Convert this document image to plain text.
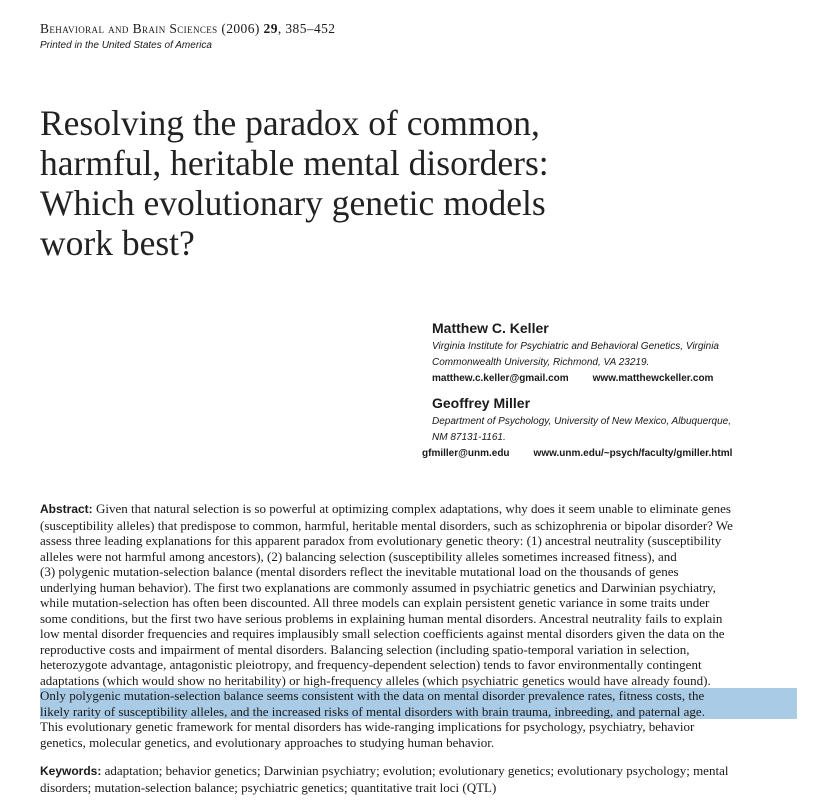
Behavioral and Brain Sciences (2006) 29, 385–452
Printed in the United States of America
Resolving the paradox of common,
harmful, heritable mental disorders:
Which evolutionary genetic models
work best?
Matthew C. Keller
Virginia Institute for Psychiatric and Behavioral Genetics, Virginia
Commonwealth University, Richmond, VA 23219.
matthew.c.keller@gmail.com www.matthewckeller.com
Geoffrey Miller
Department of Psychology, University of New Mexico, Albuquerque,
NM 87131-1161.
gfmiller@unm.edu www.unm.edu/~psych/faculty/gmiller.html
Abstract: Given that natural selection is so powerful at optimizing complex adaptations, why does it seem unable to eliminate genes
(susceptibility alleles) that predispose to common, harmful, heritable mental disorders, such as schizophrenia or bipolar disorder? We
assess three leading explanations for this apparent paradox from evolutionary genetic theory: (1) ancestral neutrality (susceptibility
alleles were not harmful among ancestors), (2) balancing selection (susceptibility alleles sometimes increased fitness), and
(3) polygenic mutation-selection balance (mental disorders reflect the inevitable mutational load on the thousands of genes
underlying human behavior). The first two explanations are commonly assumed in psychiatric genetics and Darwinian psychiatry,
while mutation-selection has often been discounted. All three models can explain persistent genetic variance in some traits under
some conditions, but the first two have serious problems in explaining human mental disorders. Ancestral neutrality fails to explain
low mental disorder frequencies and requires implausibly small selection coefficients against mental disorders given the data on the
reproductive costs and impairment of mental disorders. Balancing selection (including spatio-temporal variation in selection,
heterozygote advantage, antagonistic pleiotropy, and frequency-dependent selection) tends to favor environmentally contingent
adaptations (which would show no heritability) or high-frequency alleles (which psychiatric genetics would have already found).
Only polygenic mutation-selection balance seems consistent with the data on mental disorder prevalence rates, fitness costs, the
likely rarity of susceptibility alleles, and the increased risks of mental disorders with brain trauma, inbreeding, and paternal age.
This evolutionary genetic framework for mental disorders has wide-ranging implications for psychology, psychiatry, behavior
genetics, molecular genetics, and evolutionary approaches to studying human behavior.
Keywords: adaptation; behavior genetics; Darwinian psychiatry; evolution; evolutionary genetics; evolutionary psychology; mental
disorders; mutation-selection balance; psychiatric genetics; quantitative trait loci (QTL)
